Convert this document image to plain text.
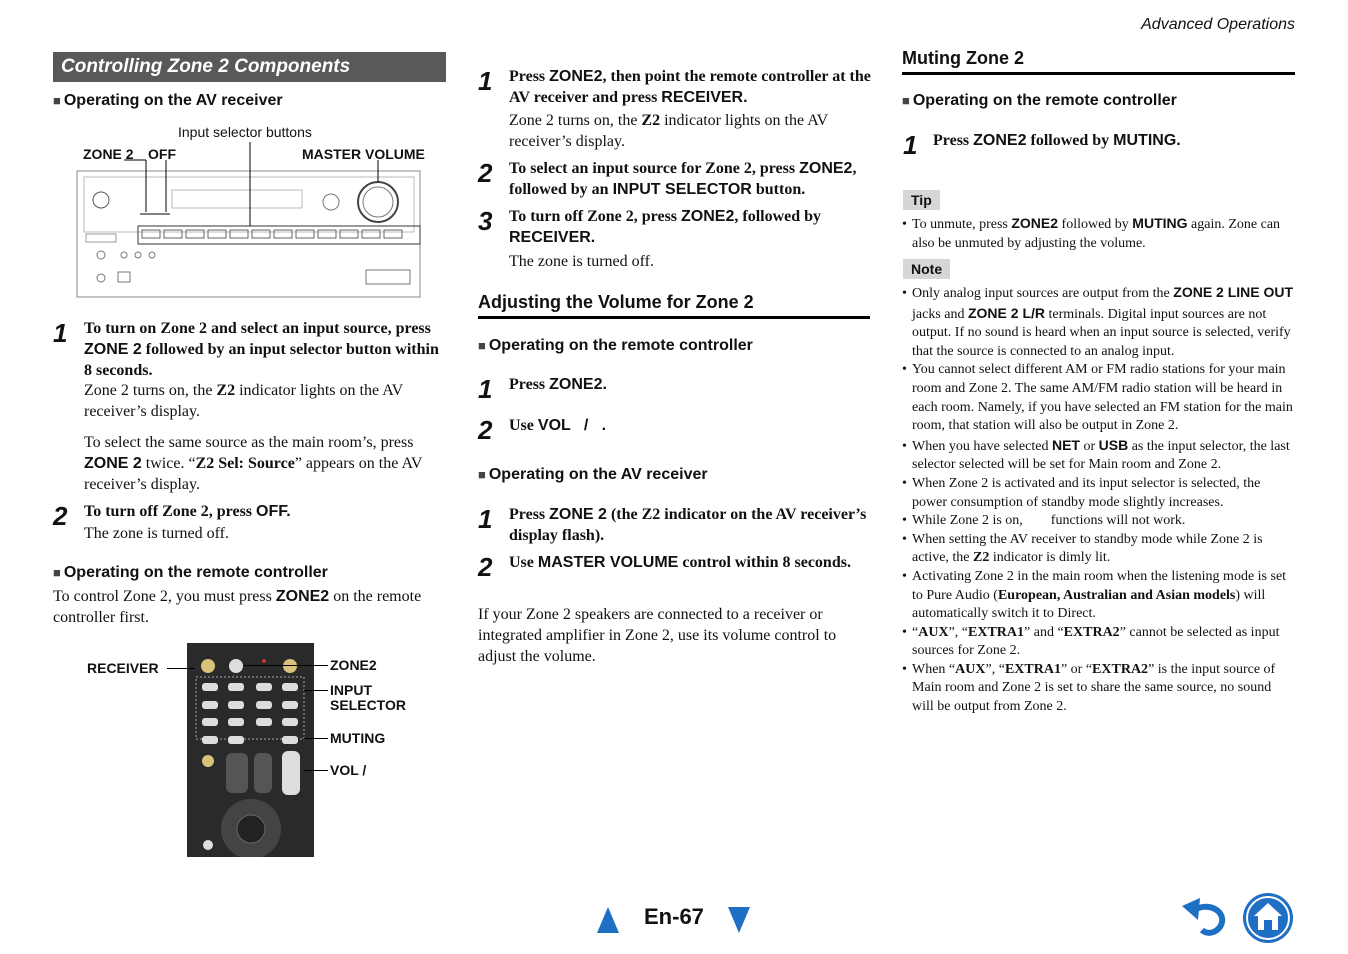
Advanced Operations
Controlling Zone 2 Components
■ Operating on the AV receiver
Input selector buttons
ZONE 2 OFF	MASTER VOLUME
1 To turn on Zone 2 and select an input source, press ZONE 2 followed by an input selector button within 8 seconds.
Zone 2 turns on, the Z2 indicator lights on the AV receiver’s display.
To select the same source as the main room’s, press ZONE 2 twice. “Z2 Sel: Source” appears on the AV receiver’s display.
2 To turn off Zone 2, press OFF.
The zone is turned off.
■ Operating on the remote controller
To control Zone 2, you must press ZONE2 on the remote controller first.
RECEIVER	ZONE2
INPUT
SELECTOR
MUTING
VOL /
1 Press ZONE2, then point the remote controller at the AV receiver and press RECEIVER.
Zone 2 turns on, the Z2 indicator lights on the AV receiver’s display.
2 To select an input source for Zone 2, press ZONE2, followed by an INPUT SELECTOR button.
3 To turn off Zone 2, press ZONE2, followed by RECEIVER.
The zone is turned off.
Adjusting the Volume for Zone 2
■ Operating on the remote controller
1 Press ZONE2.
2 Use VOL   /   .
■ Operating on the AV receiver
1 Press ZONE 2 (the Z2 indicator on the AV receiver’s display flash).
2 Use MASTER VOLUME control within 8 seconds.
If your Zone 2 speakers are connected to a receiver or integrated amplifier in Zone 2, use its volume control to adjust the volume.
Muting Zone 2
■ Operating on the remote controller
1 Press ZONE2 followed by MUTING.
Tip
• To unmute, press ZONE2 followed by MUTING again. Zone can also be unmuted by adjusting the volume.
Note
• Only analog input sources are output from the ZONE 2 LINE OUT jacks and ZONE 2 L/R terminals. Digital input sources are not output. If no sound is heard when an input source is selected, verify that the source is connected to an analog input.
• You cannot select different AM or FM radio stations for your main room and Zone 2. The same AM/FM radio station will be heard in each room. Namely, if you have selected an FM station for the main room, that station will also be output in Zone 2.
• When you have selected NET or USB as the input selector, the last selector selected will be set for Main room and Zone 2.
• When Zone 2 is activated and its input selector is selected, the power consumption of standby mode slightly increases.
• While Zone 2 is on,        functions will not work.
• When setting the AV receiver to standby mode while Zone 2 is active, the Z2 indicator is dimly lit.
• Activating Zone 2 in the main room when the listening mode is set to Pure Audio (European, Australian and Asian models) will automatically switch it to Direct.
• “AUX”, “EXTRA1” and “EXTRA2” cannot be selected as input sources for Zone 2.
• When “AUX”, “EXTRA1” or “EXTRA2” is the input source of Main room and Zone 2 is set to share the same source, no sound will be output from Zone 2.
En-67
